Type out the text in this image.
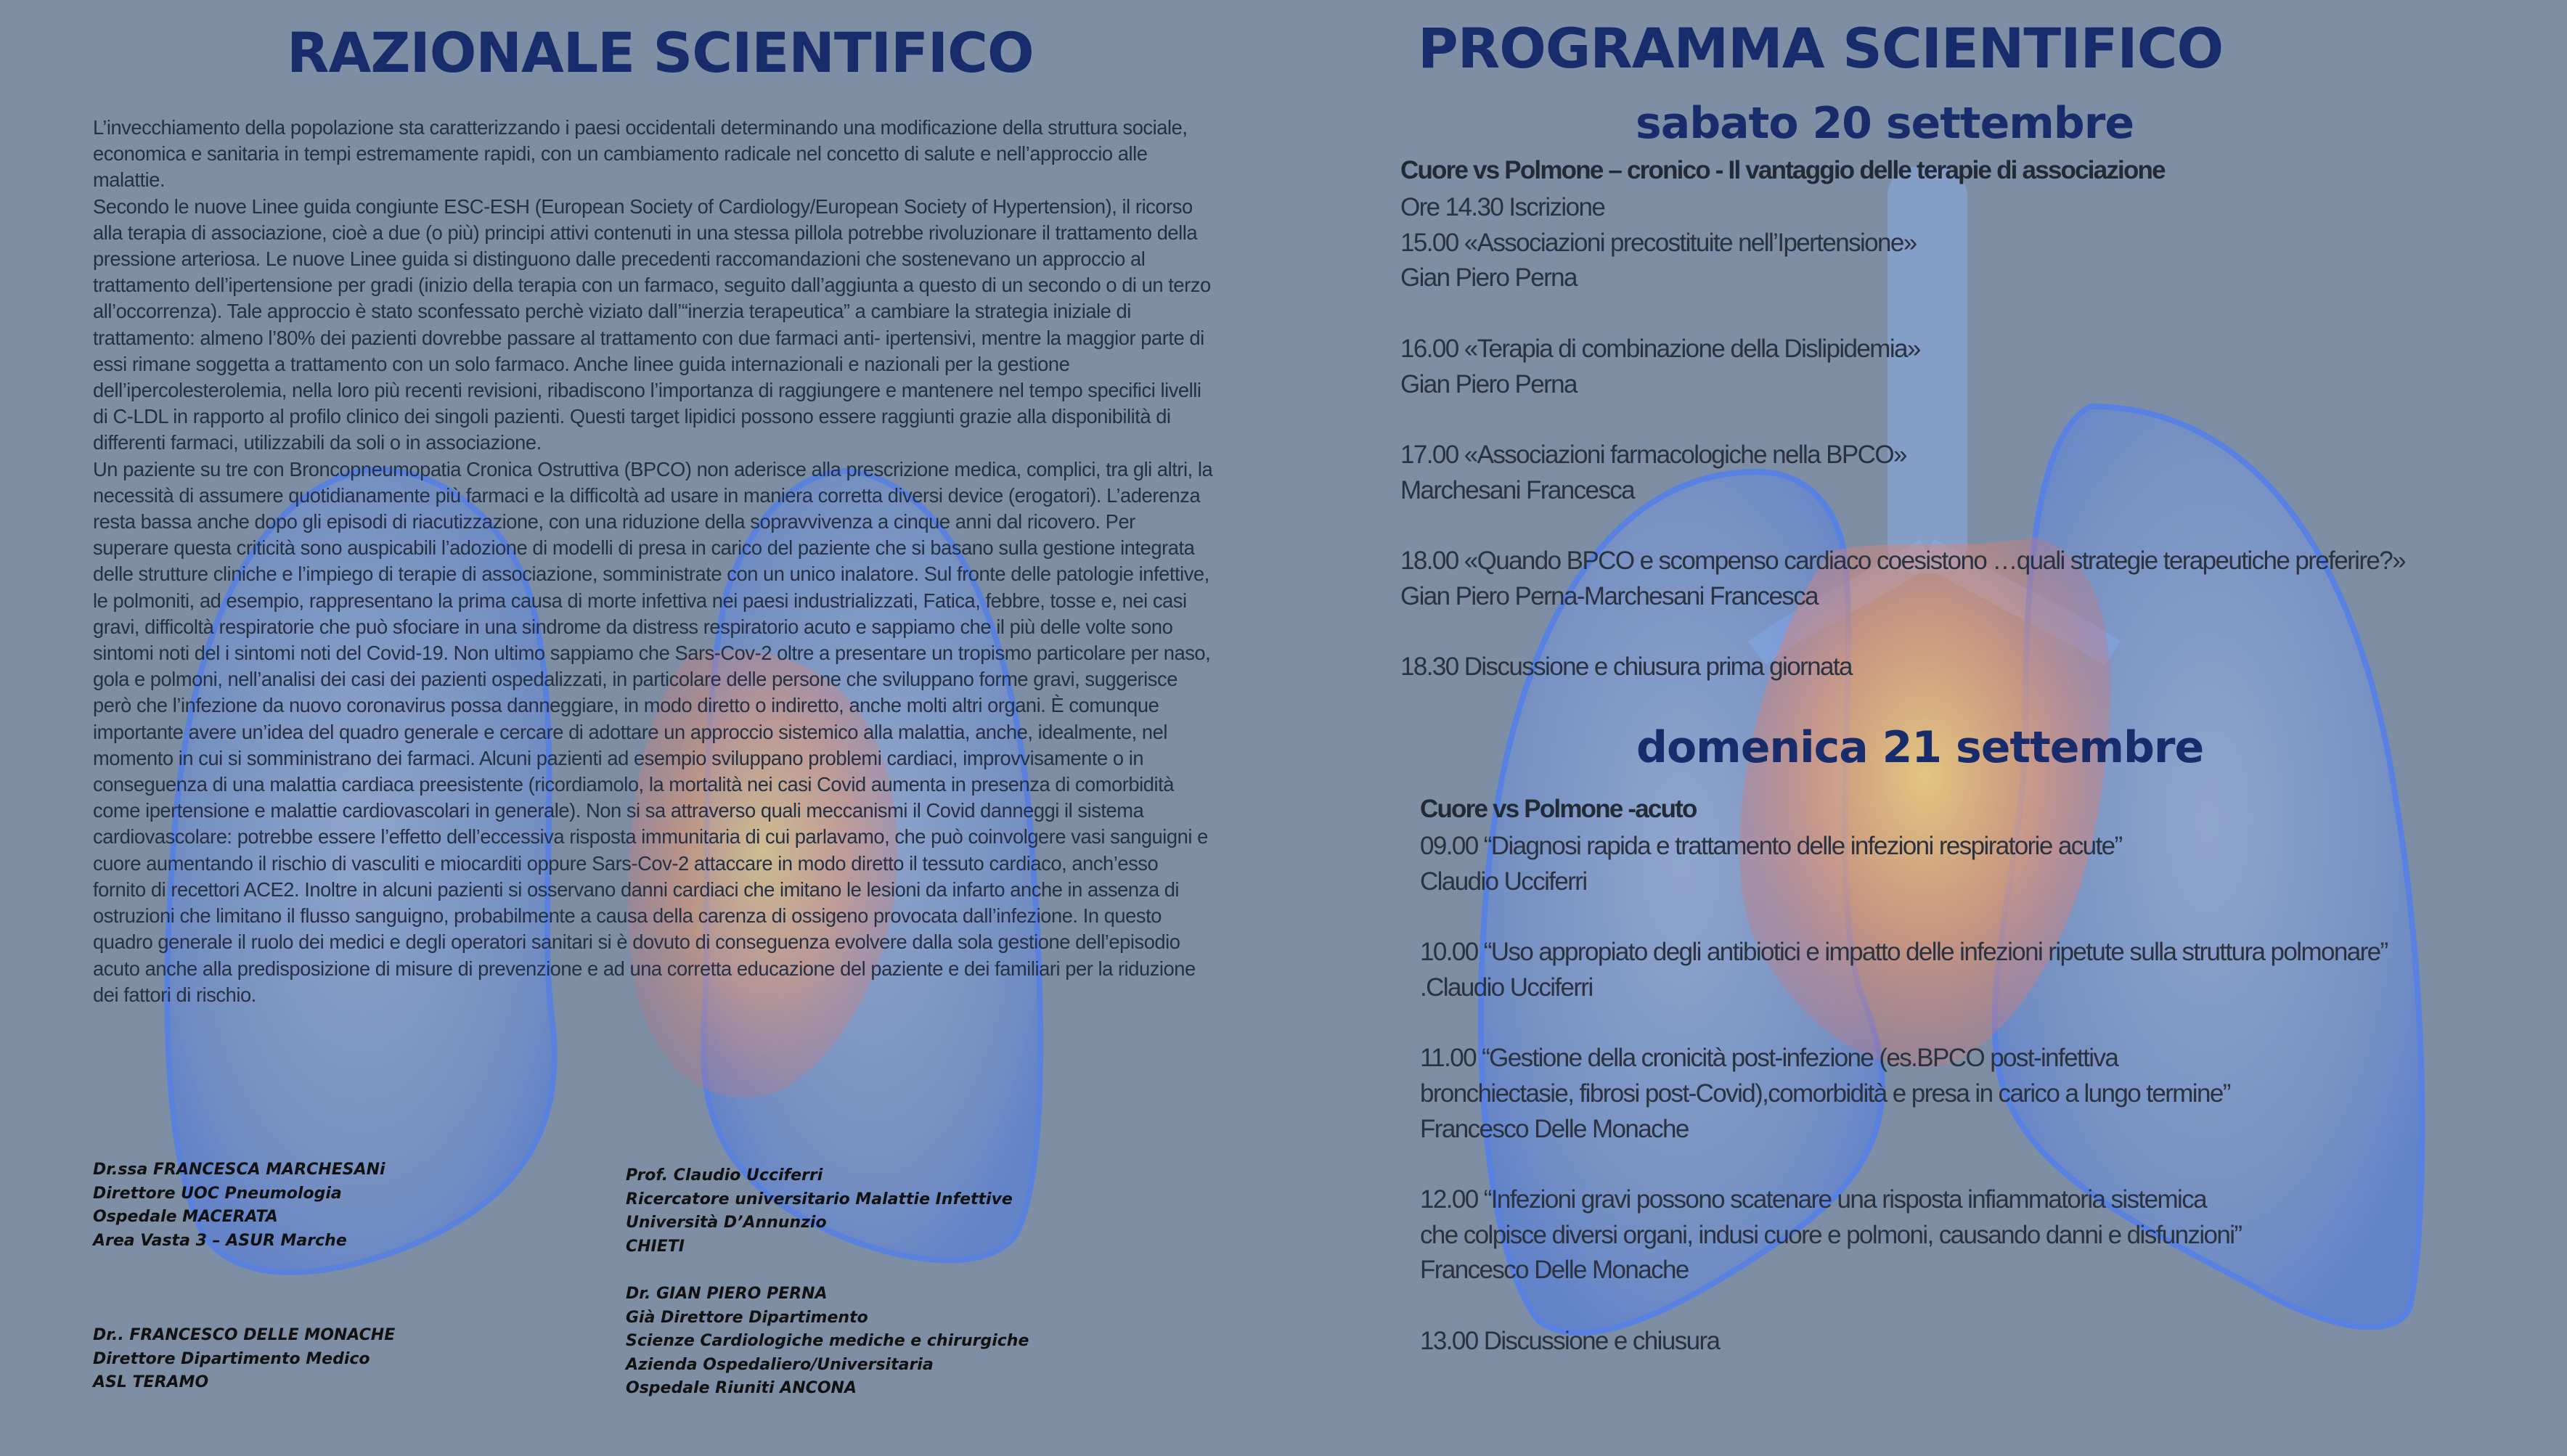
RAZIONALE SCIENTIFICO

L’invecchiamento della popolazione sta caratterizzando i paesi occidentali determinando una modificazione della struttura sociale, economica e sanitaria in tempi estremamente rapidi, con un cambiamento radicale nel concetto di salute e nell’approccio alle malattie.

Secondo le nuove Linee guida congiunte ESC-ESH (European Society of Cardiology/European Society of Hypertension), il ricorso alla terapia di associazione, cioè a due (o più) principi attivi contenuti in una stessa pillola potrebbe rivoluzionare il trattamento della pressione arteriosa. Le nuove Linee guida si distinguono dalle precedenti raccomandazioni che sostenevano un approccio al trattamento dell’ipertensione per gradi (inizio della terapia con un farmaco, seguito dall’aggiunta a questo di un secondo o di un terzo all’occorrenza). Tale approccio è stato sconfessato perchè viziato dall’“inerzia terapeutica” a cambiare la strategia iniziale di trattamento: almeno l’80% dei pazienti dovrebbe passare al trattamento con due farmaci anti- ipertensivi, mentre la maggior parte di essi rimane soggetta a trattamento con un solo farmaco. Anche linee guida internazionali e nazionali per la gestione dell’ipercolesterolemia, nella loro più recenti revisioni, ribadiscono l’importanza di raggiungere e mantenere nel tempo specifici livelli di C-LDL in rapporto al profilo clinico dei singoli pazienti. Questi target lipidici possono essere raggiunti grazie alla disponibilità di differenti farmaci, utilizzabili da soli o in associazione.

Un paziente su tre con Broncopneumopatia Cronica Ostruttiva (BPCO) non aderisce alla prescrizione medica, complici, tra gli altri, la necessità di assumere quotidianamente più farmaci e la difficoltà ad usare in maniera corretta diversi device (erogatori). L’aderenza resta bassa anche dopo gli episodi di riacutizzazione, con una riduzione della sopravvivenza a cinque anni dal ricovero. Per superare questa criticità sono auspicabili l’adozione di modelli di presa in carico del paziente che si basano sulla gestione integrata delle strutture cliniche e l’impiego di terapie di associazione, somministrate con un unico inalatore. Sul fronte delle patologie infettive, le polmoniti, ad esempio, rappresentano la prima causa di morte infettiva nei paesi industrializzati, Fatica, febbre, tosse e, nei casi gravi, difficoltà respiratorie che può sfociare in una sindrome da distress respiratorio acuto e sappiamo che il più delle volte sono sintomi noti del i sintomi noti del Covid-19. Non ultimo sappiamo che Sars-Cov-2 oltre a presentare un tropismo particolare per naso, gola e polmoni, nell’analisi dei casi dei pazienti ospedalizzati, in particolare delle persone che sviluppano forme gravi, suggerisce però che l’infezione da nuovo coronavirus possa danneggiare, in modo diretto o indiretto, anche molti altri organi. È comunque importante avere un’idea del quadro generale e cercare di adottare un approccio sistemico alla malattia, anche, idealmente, nel momento in cui si somministrano dei farmaci. Alcuni pazienti ad esempio sviluppano problemi cardiaci, improvvisamente o in conseguenza di una malattia cardiaca preesistente (ricordiamolo, la mortalità nei casi Covid aumenta in presenza di comorbidità come ipertensione e malattie cardiovascolari in generale). Non si sa attraverso quali meccanismi il Covid danneggi il sistema cardiovascolare: potrebbe essere l’effetto dell’eccessiva risposta immunitaria di cui parlavamo, che può coinvolgere vasi sanguigni e cuore aumentando il rischio di vasculiti e miocarditi oppure Sars-Cov-2 attaccare in modo diretto il tessuto cardiaco, anch’esso fornito di recettori ACE2. Inoltre in alcuni pazienti si osservano danni cardiaci che imitano le lesioni da infarto anche in assenza di ostruzioni che limitano il flusso sanguigno, probabilmente a causa della carenza di ossigeno provocata dall’infezione. In questo quadro generale il ruolo dei medici e degli operatori sanitari si è dovuto di conseguenza evolvere dalla sola gestione dell’episodio acuto anche alla predisposizione di misure di prevenzione e ad una corretta educazione del paziente e dei familiari per la riduzione dei fattori di rischio.

Dr.ssa FRANCESCA MARCHESANi
Direttore UOC Pneumologia
Ospedale MACERATA
Area Vasta 3 – ASUR Marche
Dr.. FRANCESCO DELLE MONACHE
Direttore Dipartimento Medico
ASL TERAMO
Prof. Claudio Ucciferri
Ricercatore universitario Malattie Infettive
Università D’Annunzio
CHIETI
Dr. GIAN PIERO PERNA
Già Direttore Dipartimento
Scienze Cardiologiche mediche e chirurgiche
Azienda Ospedaliero/Universitaria
Ospedale Riuniti ANCONA
PROGRAMMA SCIENTIFICO
sabato 20 settembre
Cuore vs Polmone – cronico - Il vantaggio delle terapie di associazione
Ore 14.30 Iscrizione
15.00 «Associazioni precostituite nell’Ipertensione»
Gian Piero Perna
16.00 «Terapia di combinazione della Dislipidemia»
Gian Piero Perna
17.00 «Associazioni farmacologiche nella BPCO»
Marchesani Francesca
18.00 «Quando BPCO e scompenso cardiaco coesistono …quali strategie terapeutiche preferire?»
Gian Piero Perna-Marchesani Francesca
18.30 Discussione e chiusura prima giornata
domenica 21 settembre
Cuore vs Polmone -acuto
09.00 “Diagnosi rapida e trattamento delle infezioni respiratorie acute”
Claudio Ucciferri
10.00 “Uso appropiato degli antibiotici e impatto delle infezioni ripetute sulla struttura polmonare”
.Claudio Ucciferri
11.00 “Gestione della cronicità post-infezione (es.BPCO post-infettiva
bronchiectasie, fibrosi post-Covid),comorbidità e presa in carico a lungo termine”
Francesco Delle Monache
12.00 “Infezioni gravi possono scatenare una risposta infiammatoria sistemica
che colpisce diversi organi, indusi cuore e polmoni, causando danni e disfunzioni”
Francesco Delle Monache
13.00 Discussione e chiusura
